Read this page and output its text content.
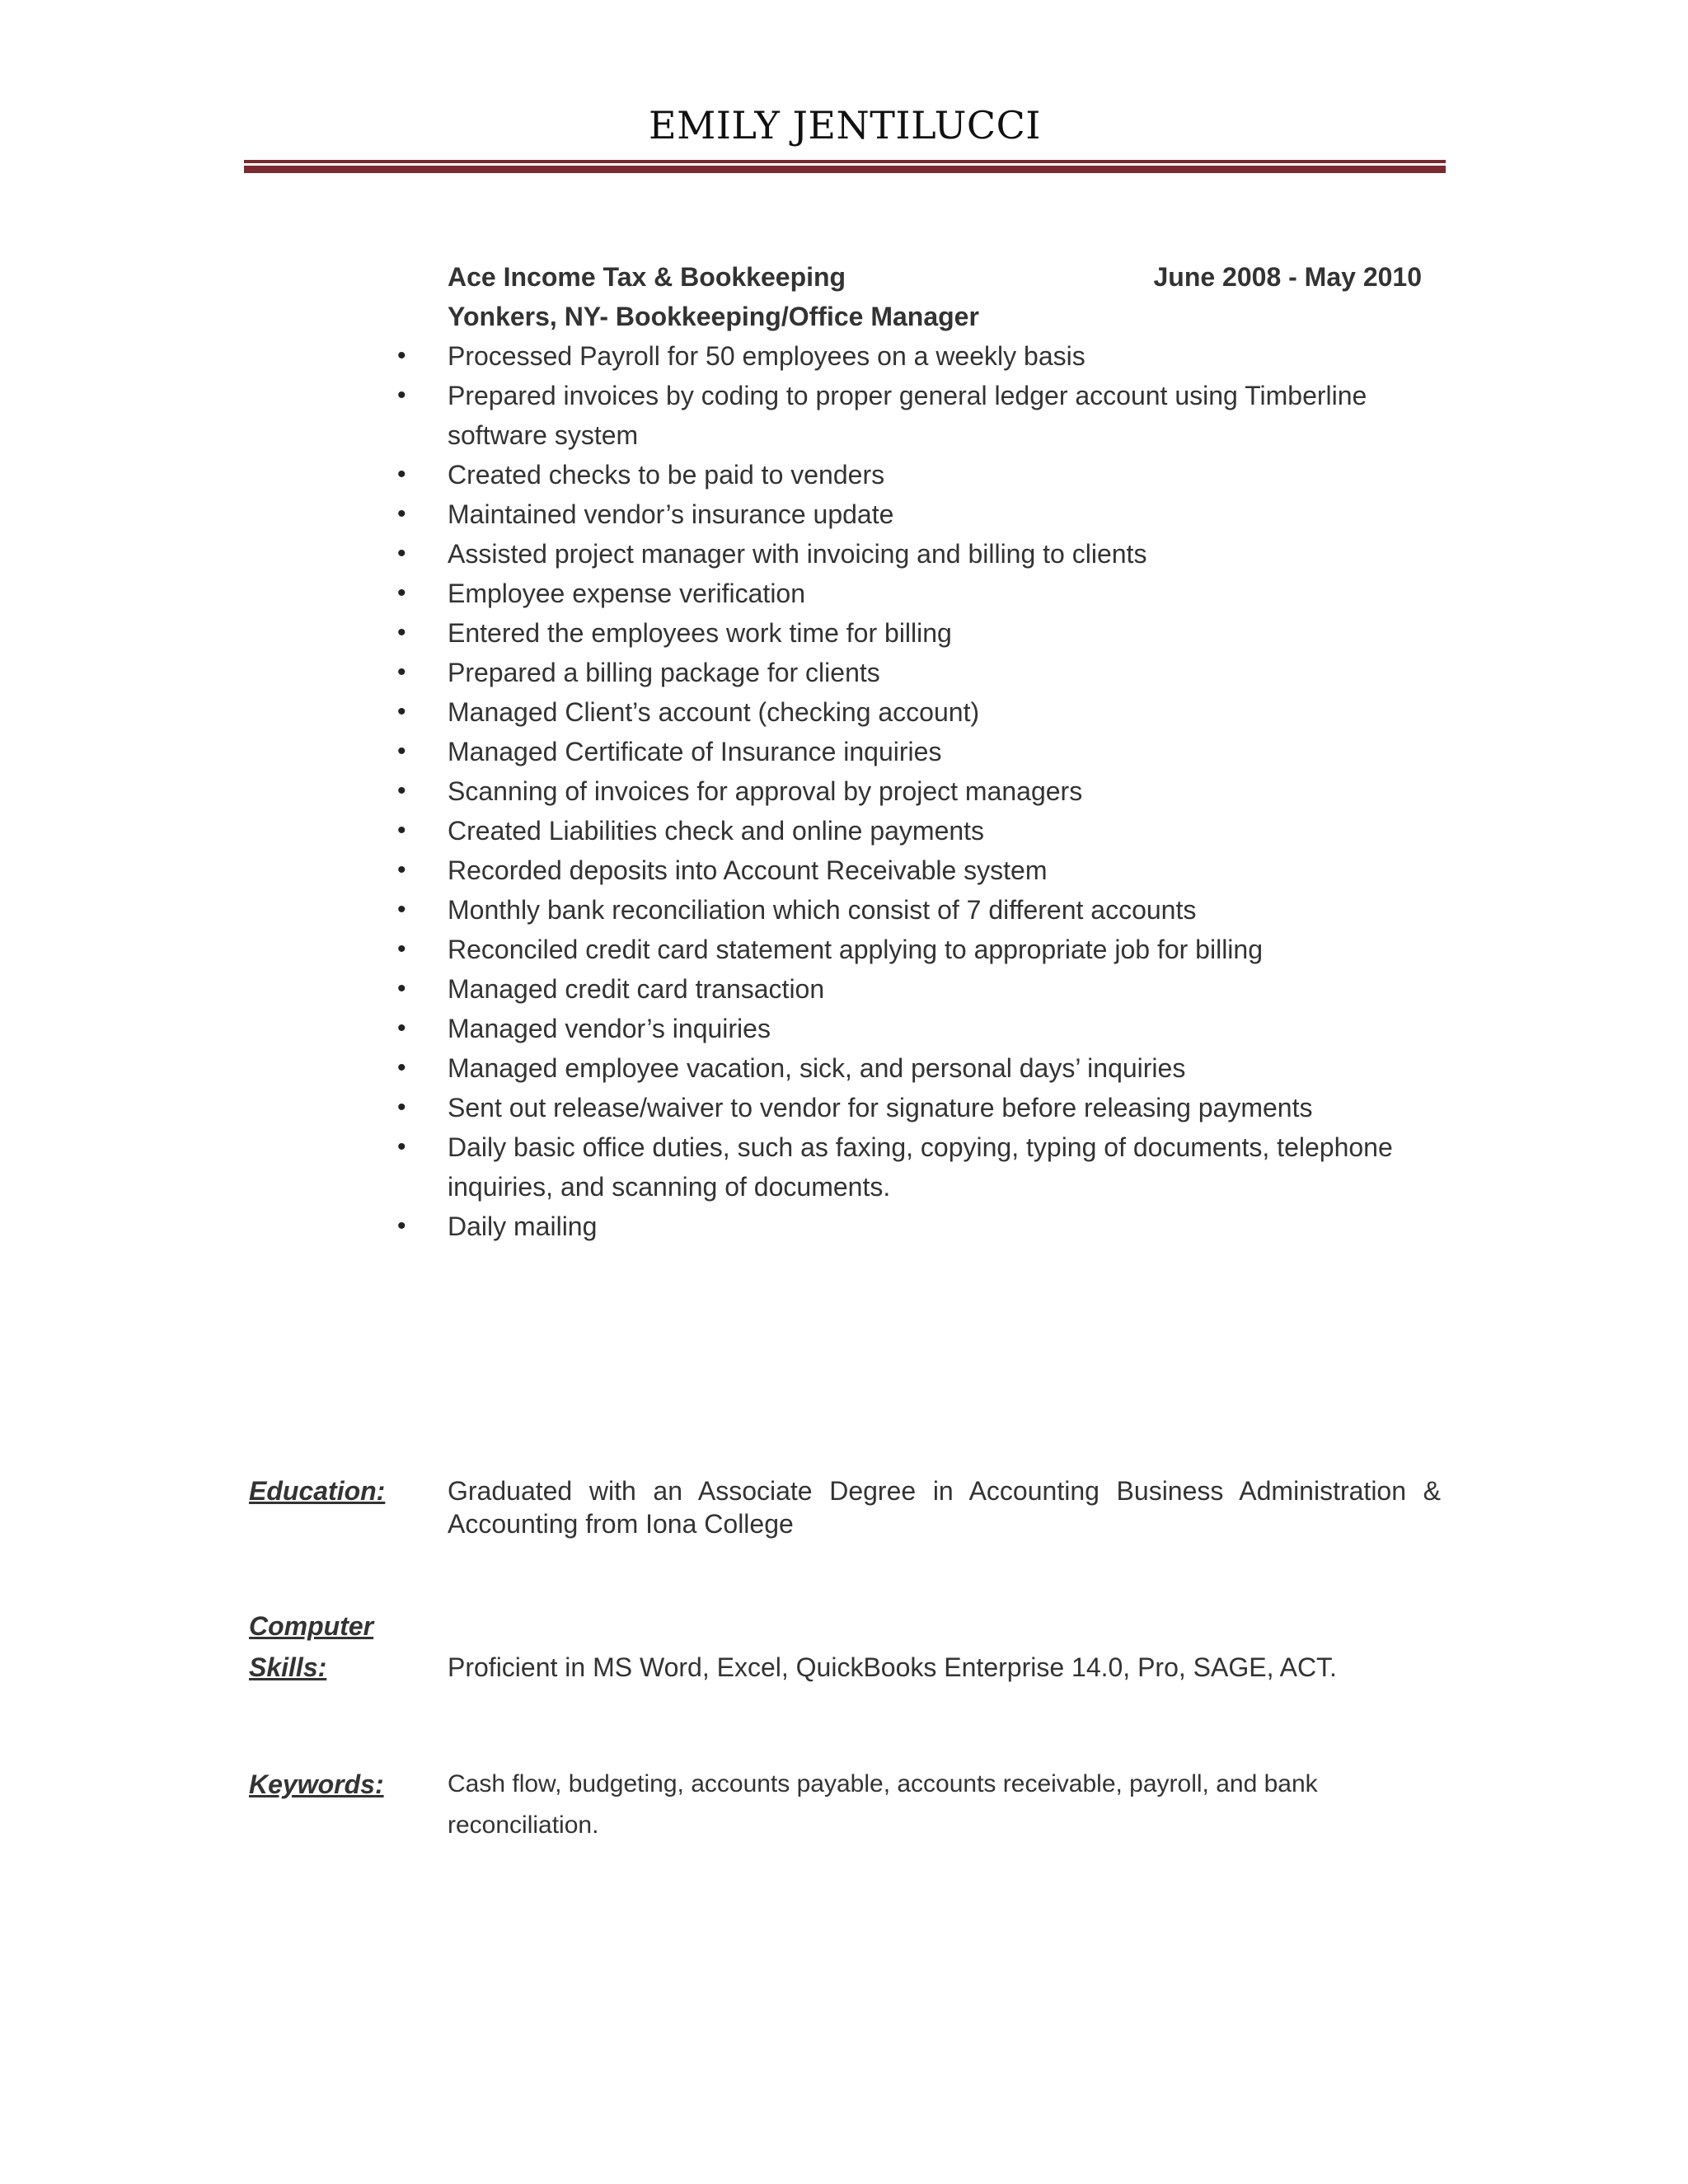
EMILY JENTILUCCI
Ace Income Tax & Bookkeeping	June 2008 - May 2010
Yonkers, NY- Bookkeeping/Office Manager
• Processed Payroll for 50 employees on a weekly basis
• Prepared invoices by coding to proper general ledger account using Timberline software system
• Created checks to be paid to venders
• Maintained vendor’s insurance update
• Assisted project manager with invoicing and billing to clients
• Employee expense verification
• Entered the employees work time for billing
• Prepared a billing package for clients
• Managed Client’s account (checking account)
• Managed Certificate of Insurance inquiries
• Scanning of invoices for approval by project managers
• Created Liabilities check and online payments
• Recorded deposits into Account Receivable system
• Monthly bank reconciliation which consist of 7 different accounts
• Reconciled credit card statement applying to appropriate job for billing
• Managed credit card transaction
• Managed vendor’s inquiries
• Managed employee vacation, sick, and personal days’ inquiries
• Sent out release/waiver to vendor for signature before releasing payments
• Daily basic office duties, such as faxing, copying, typing of documents, telephone inquiries, and scanning of documents.
• Daily mailing
Education: Graduated with an Associate Degree in Accounting Business Administration & Accounting from Iona College
Computer
Skills:	Proficient in MS Word, Excel, QuickBooks Enterprise 14.0, Pro, SAGE, ACT.
Keywords:	Cash flow, budgeting, accounts payable, accounts receivable, payroll, and bank reconciliation.
